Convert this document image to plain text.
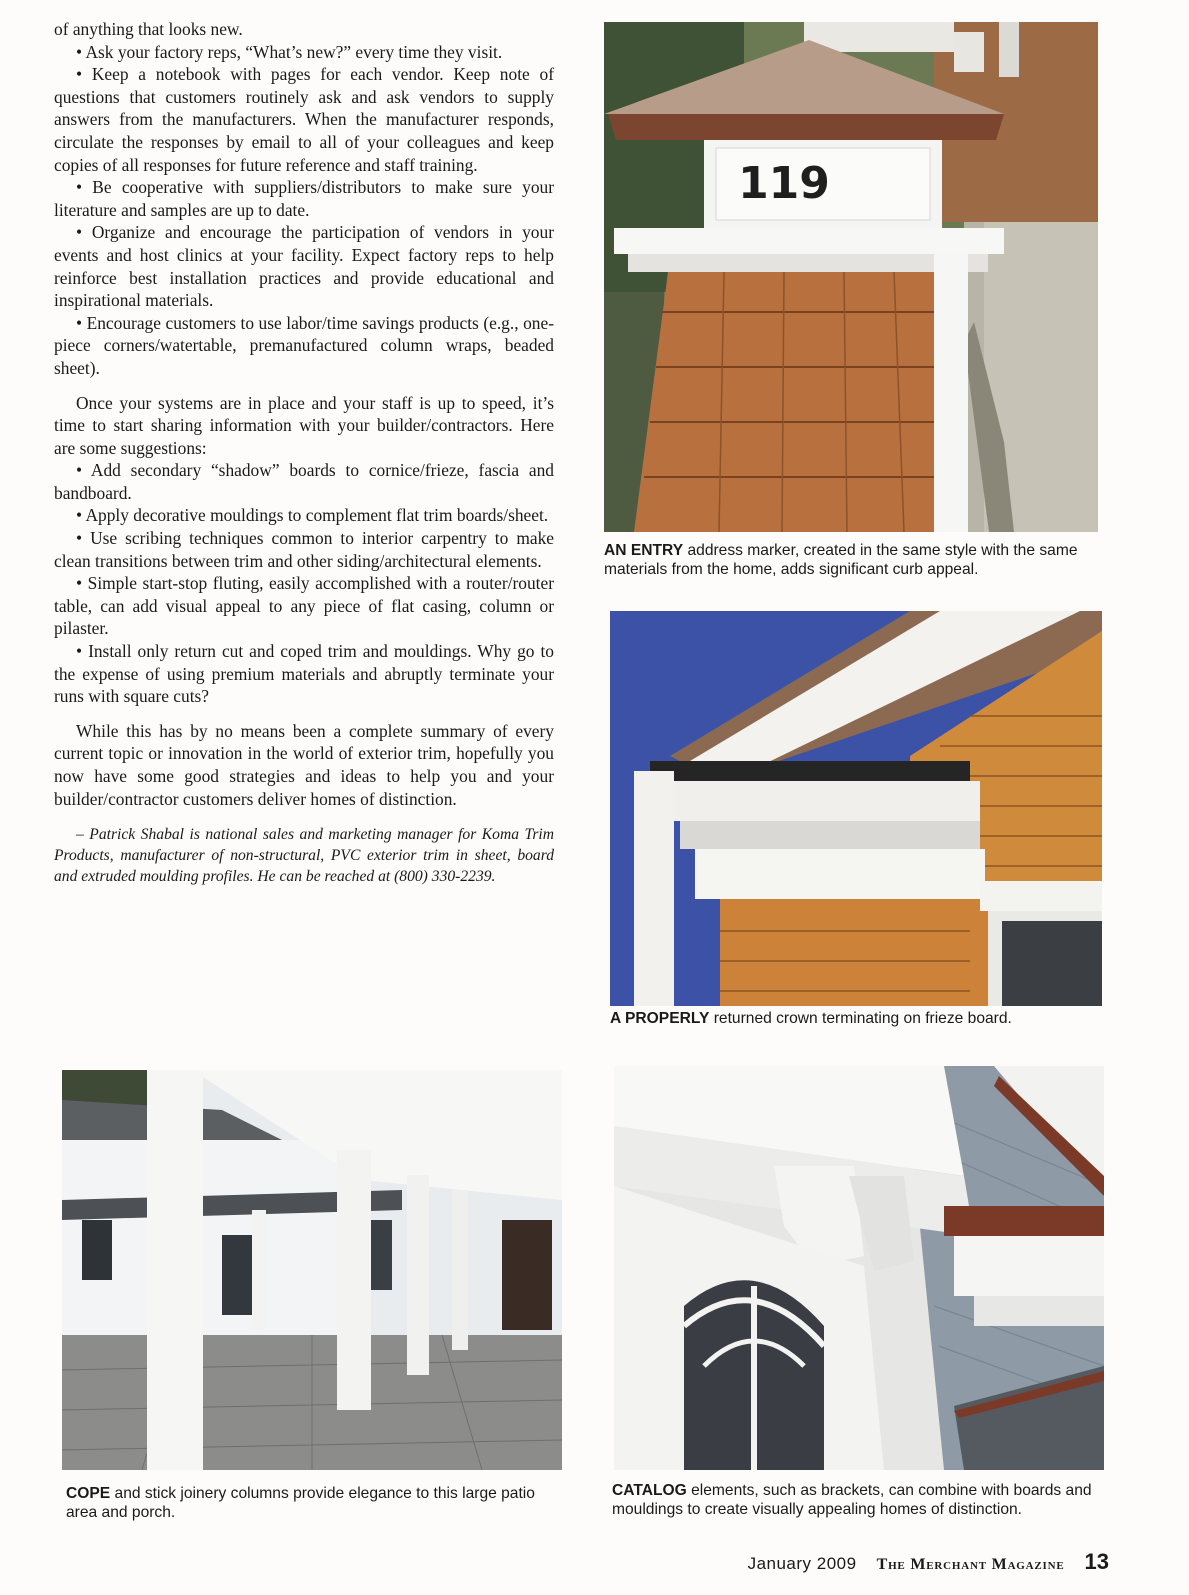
of anything that looks new.

• Ask your factory reps, “What’s new?” every time they visit.

• Keep a notebook with pages for each vendor. Keep note of questions that customers routinely ask and ask vendors to supply answers from the manufacturers. When the manufacturer responds, circulate the responses by email to all of your colleagues and keep copies of all responses for future reference and staff training.

• Be cooperative with suppliers/distributors to make sure your literature and samples are up to date.

• Organize and encourage the participation of vendors in your events and host clinics at your facility. Expect factory reps to help reinforce best installation practices and provide educational and inspirational materials.

• Encourage customers to use labor/time savings products (e.g., one-piece corners/watertable, premanufactured column wraps, beaded sheet).

Once your systems are in place and your staff is up to speed, it’s time to start sharing information with your builder/contractors. Here are some suggestions:

• Add secondary “shadow” boards to cornice/frieze, fascia and bandboard.

• Apply decorative mouldings to complement flat trim boards/sheet.

• Use scribing techniques common to interior carpentry to make clean transitions between trim and other siding/architectural elements.

• Simple start-stop fluting, easily accomplished with a router/router table, can add visual appeal to any piece of flat casing, column or pilaster.

• Install only return cut and coped trim and mouldings. Why go to the expense of using premium materials and abruptly terminate your runs with square cuts?

While this has by no means been a complete summary of every current topic or innovation in the world of exterior trim, hopefully you now have some good strategies and ideas to help you and your builder/contractor customers deliver homes of distinction.

– Patrick Shabal is national sales and marketing manager for Koma Trim Products, manufacturer of non-structural, PVC exterior trim in sheet, board and extruded moulding profiles. He can be reached at (800) 330-2239.

119
AN ENTRY address marker, created in the same style with the same materials from the home, adds significant curb appeal.
A PROPERLY returned crown terminating on frieze board.
COPE and stick joinery columns provide elegance to this large patio area and porch.
CATALOG elements, such as brackets, can combine with boards and mouldings to create visually appealing homes of distinction.
January 2009 The Merchant Magazine 13
